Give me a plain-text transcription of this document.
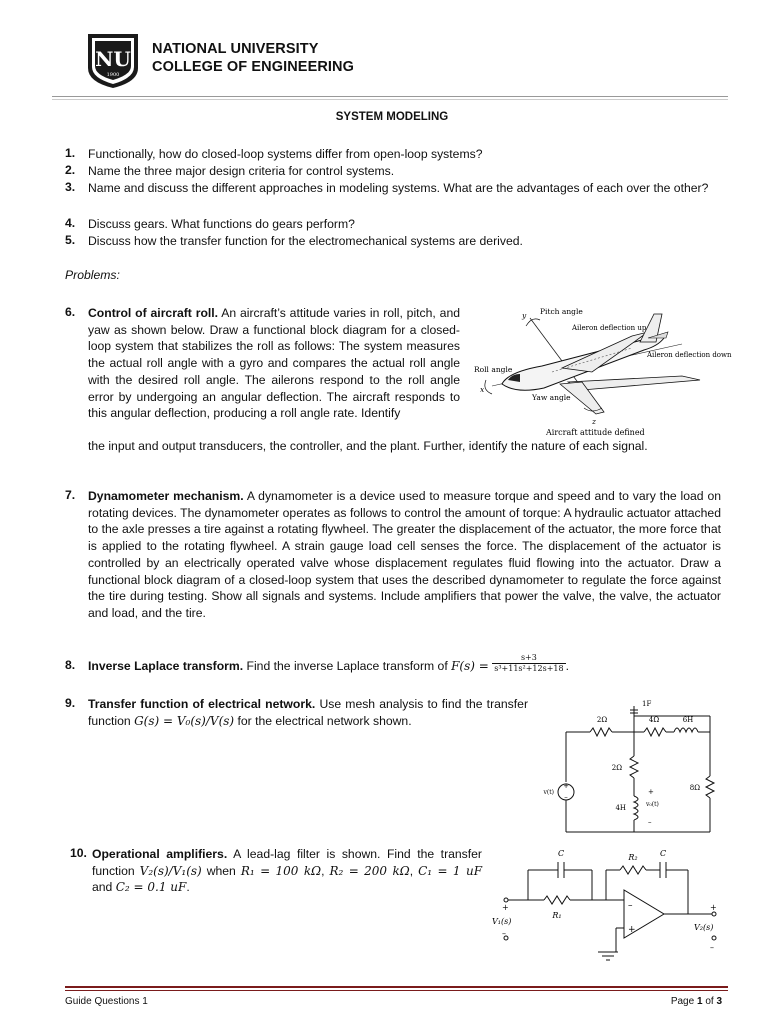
NU
1900
NATIONAL UNIVERSITY
COLLEGE OF ENGINEERING
SYSTEM MODELING
1. Functionally, how do closed-loop systems differ from open-loop systems?
2. Name the three major design criteria for control systems.
3. Name and discuss the different approaches in modeling systems. What are the advantages of each over the other?
4. Discuss gears. What functions do gears perform?
5. Discuss how the transfer function for the electromechanical systems are derived.
Problems:
6. Control of aircraft roll. An aircraft’s attitude varies in roll, pitch, and yaw as shown below. Draw a functional block diagram for a closed-loop system that stabilizes the roll as follows: The system measures the actual roll angle with a gyro and compares the actual roll angle with the desired roll angle. The ailerons respond to the roll angle error by undergoing an angular deflection. The aircraft responds to this angular deflection, producing a roll angle rate. Identify
the input and output transducers, the controller, and the plant. Further, identify the nature of each signal.
Pitch angle
y
Aileron deflection up
Aileron deflection down
Roll angle
x
Yaw angle
z
Aircraft attitude defined
7. Dynamometer mechanism. A dynamometer is a device used to measure torque and speed and to vary the load on rotating devices. The dynamometer operates as follows to control the amount of torque: A hydraulic actuator attached to the axle presses a tire against a rotating flywheel. The greater the displacement of the actuator, the more force that is applied to the rotating flywheel. A strain gauge load cell senses the force. The displacement of the actuator is controlled by an electrically operated valve whose displacement regulates fluid flowing into the actuator. Draw a functional block diagram of a closed-loop system that uses the described dynamometer to regulate the force against the tire during testing. Show all signals and systems. Include amplifiers that power the valve, the valve, the actuator and load, and the tire.
8. Inverse Laplace transform. Find the inverse Laplace transform of $F(s) = \frac{s+3}{\text{s³+11s²+12s+18}}$ .
9. Transfer function of electrical network. Use mesh analysis to find the transfer function G(s) = V₀(s)/V(s) for the electrical network shown.	2Ω
1F
4Ω	6H
2Ω
4H
8Ω
v(t)
+
–
+
v₀(t)
–
10. Operational amplifiers. A lead-lag filter is shown. Find the transfer function V₂(s)/V₁(s) when R₁ = 100 kΩ, R₂ = 200 kΩ, C₁ = 1 uF and C₂ = 0.1 uF.
C	C
R₂
R₁
–
+
V₁(s)
V₂(s)
+
–
+
–
Guide Questions 1	Page 1 of 3
